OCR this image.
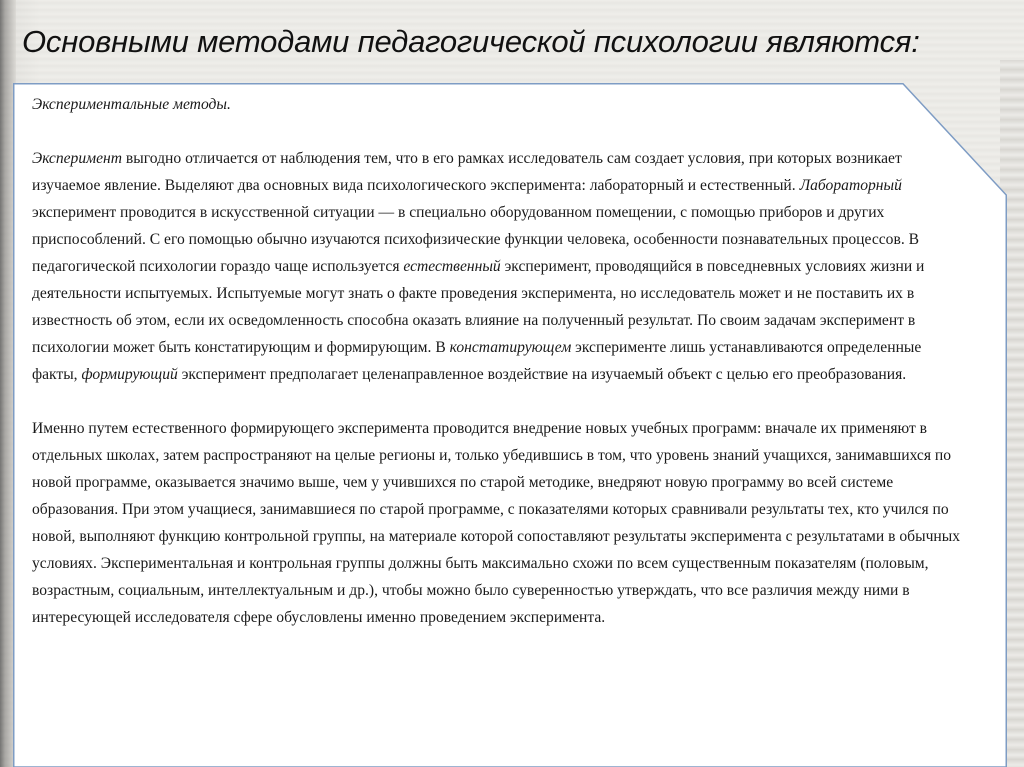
Основными методами педагогической психологии являются:

Экспериментальные методы.

Эксперимент выгодно отличается от наблюдения тем, что в его рамках исследователь сам создает условия, при которых возникает изучаемое явление. Выделяют два основных вида психологического эксперимента: лабораторный и естественный. Лабораторный эксперимент проводится в искусственной ситуации — в специально оборудованном помещении, с помощью приборов и других приспособлений. С его помощью обычно изучаются психофизические функции человека, особенности познавательных процессов. В педагогической психологии гораздо чаще используется естественный эксперимент, проводящийся в повседневных условиях жизни и деятельности испытуемых. Испытуемые могут знать о факте проведения эксперимента, но исследователь может и не поставить их в известность об этом, если их осведомленность способна оказать влияние на полученный результат. По своим задачам эксперимент в психологии может быть констатирующим и формирующим. В констатирующем эксперименте лишь устанавливаются определенные факты, формирующий эксперимент предполагает целенаправленное воздействие на изучаемый объект с целью его преобразования.

Именно путем естественного формирующего эксперимента проводится внедрение новых учебных программ: вначале их применяют в отдельных школах, затем распространяют на целые регионы и, только убедившись в том, что уровень знаний учащихся, занимавшихся по новой программе, оказывается значимо выше, чем у учившихся по старой методике, внедряют новую программу во всей системе образования. При этом учащиеся, занимавшиеся по старой программе, с показателями которых сравнивали результаты тех, кто учился по новой, выполняют функцию контрольной группы, на материале которой сопоставляют результаты эксперимента с результатами в обычных условиях. Экспериментальная и контрольная группы должны быть максимально схожи по всем существенным показателям (половым, возрастным, социальным, интеллектуальным и др.), чтобы можно было суверенностью утверждать, что все различия между ними в интересующей исследователя сфере обусловлены именно проведением эксперимента.
